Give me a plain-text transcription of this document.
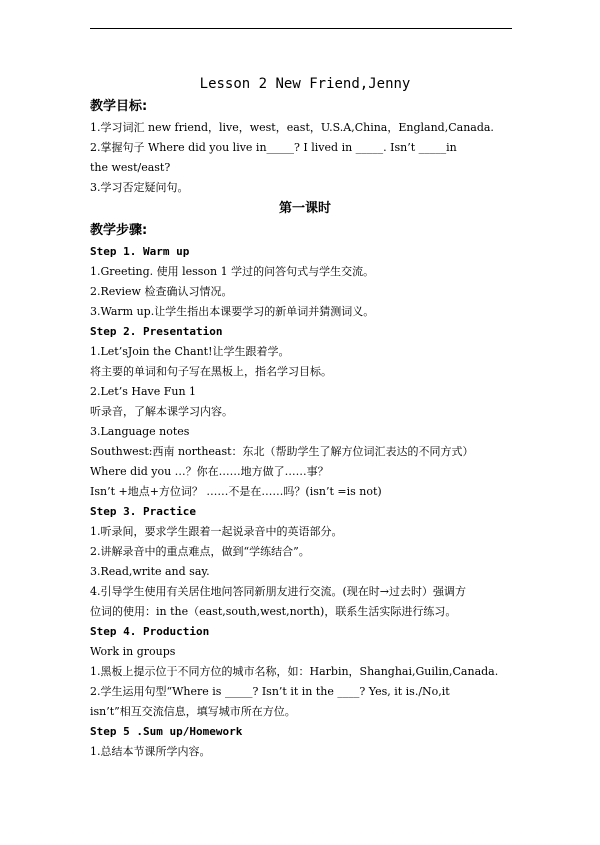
Lesson 2 New Friend,Jenny
教学目标:
1.学习词汇 new friend，live，west，east，U.S.A,China，England,Canada.
2.掌握句子 Where did you live in_____? I lived in _____. Isn’t _____in
the west/east?
3.学习否定疑问句。
第一课时
教学步骤:
Step 1. Warm up
1.Greeting. 使用 lesson 1 学过的问答句式与学生交流。
2.Review 检查确认习情况。
3.Warm up.让学生指出本课要学习的新单词并猜测词义。
Step 2. Presentation
1.Let’sJoin the Chant!让学生跟着学。
将主要的单词和句子写在黑板上，指名学习目标。
2.Let’s Have Fun 1
听录音，了解本课学习内容。
3.Language notes
Southwest:西南 northeast：东北（帮助学生了解方位词汇表达的不同方式）
Where did you …？你在……地方做了……事？
Isn’t +地点+方位词？ ……不是在……吗？(isn’t =is not)
Step 3. Practice
1.听录间，要求学生跟着一起说录音中的英语部分。
2.讲解录音中的重点难点，做到“学练结合”。
3.Read,write and say.
4.引导学生使用有关居住地问答同新朋友进行交流。(现在时→过去时）强调方
位词的使用：in the（east,south,west,north)，联系生活实际进行练习。
Step 4. Production
Work in groups
1.黑板上提示位于不同方位的城市名称，如：Harbin，Shanghai,Guilin,Canada.
2.学生运用句型“Where is _____? Isn’t it in the ____? Yes, it is./No,it
isn’t”相互交流信息，填写城市所在方位。
Step 5 .Sum up/Homework
1.总结本节课所学内容。
